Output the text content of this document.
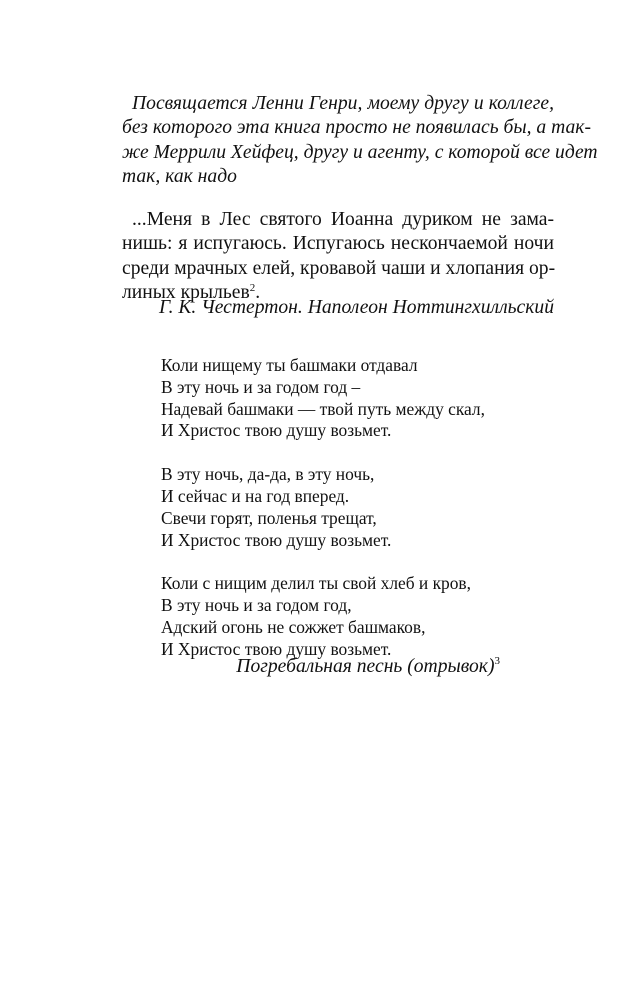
Посвящается Ленни Генри, моему другу и коллеге,
без которого эта книга просто не появилась бы, а так-
же Меррили Хейфец, другу и агенту, с которой все идет
так, как надо
...Меня в Лес святого Иоанна дуриком не зама-
нишь: я испугаюсь. Испугаюсь нескончаемой ночи
среди мрачных елей, кровавой чаши и хлопания ор-
линых крыльев$^2$.
Г. К. Честертон. Наполеон Ноттингхилльский
Коли нищему ты башмаки отдавал
В эту ночь и за годом год –
Надевай башмаки — твой путь между скал,
И Христос твою душу возьмет.
В эту ночь, да-да, в эту ночь,
И сейчас и на год вперед.
Свечи горят, поленья трещат,
И Христос твою душу возьмет.
Коли с нищим делил ты свой хлеб и кров,
В эту ночь и за годом год,
Адский огонь не сожжет башмаков,
И Христос твою душу возьмет.
Погребальная песнь (отрывок)$^3$
